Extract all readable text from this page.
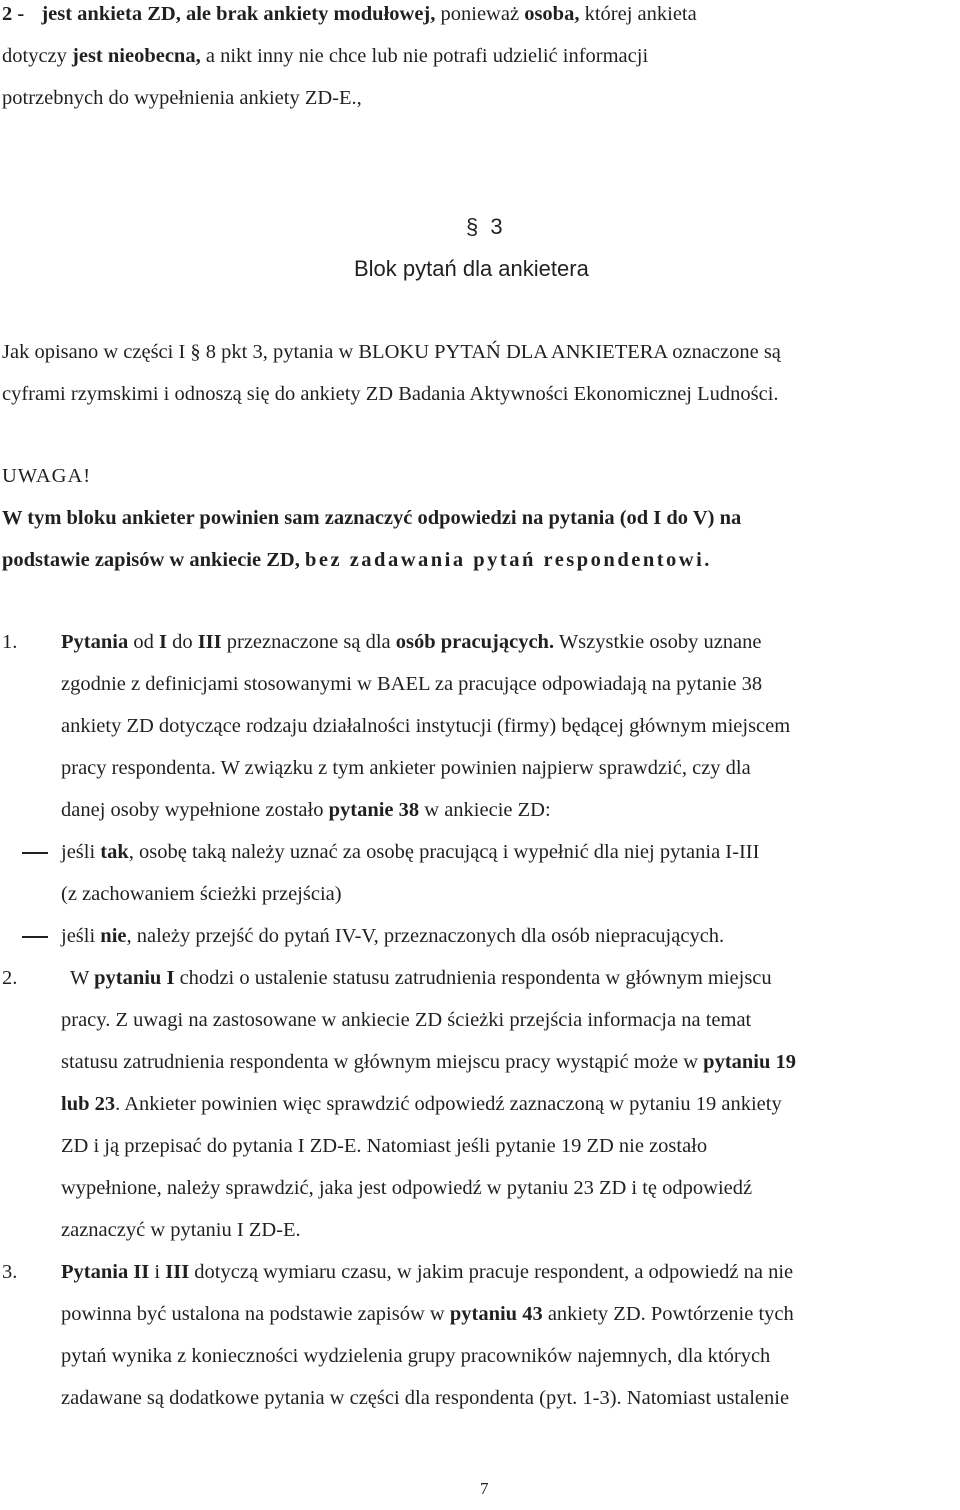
2 - jest ankieta ZD, ale brak ankiety modułowej, ponieważ osoba, której ankieta
dotyczy jest nieobecna, a nikt inny nie chce lub nie potrafi udzielić informacji
potrzebnych do wypełnienia ankiety ZD-E.,
§ 3
Blok pytań dla ankietera
Jak opisano w części I § 8 pkt 3, pytania w BLOKU PYTAŃ DLA ANKIETERA oznaczone są
cyframi rzymskimi i odnoszą się do ankiety ZD Badania Aktywności Ekonomicznej Ludności.
UWAGA!
W tym bloku ankieter powinien sam zaznaczyć odpowiedzi na pytania (od I do V) na
podstawie zapisów w ankiecie ZD, bez zadawania pytań respondentowi.
1. Pytania od I do III przeznaczone są dla osób pracujących. Wszystkie osoby uznane
zgodnie z definicjami stosowanymi w BAEL za pracujące odpowiadają na pytanie 38
ankiety ZD dotyczące rodzaju działalności instytucji (firmy) będącej głównym miejscem
pracy respondenta. W związku z tym ankieter powinien najpierw sprawdzić, czy dla
danej osoby wypełnione zostało pytanie 38 w ankiecie ZD:
jeśli tak, osobę taką należy uznać za osobę pracującą i wypełnić dla niej pytania I-III
(z zachowaniem ścieżki przejścia)
jeśli nie, należy przejść do pytań IV-V, przeznaczonych dla osób niepracujących.
2.	W pytaniu I chodzi o ustalenie statusu zatrudnienia respondenta w głównym miejscu
pracy. Z uwagi na zastosowane w ankiecie ZD ścieżki przejścia informacja na temat
statusu zatrudnienia respondenta w głównym miejscu pracy wystąpić może w pytaniu 19
lub 23. Ankieter powinien więc sprawdzić odpowiedź zaznaczoną w pytaniu 19 ankiety
ZD i ją przepisać do pytania I ZD-E. Natomiast jeśli pytanie 19 ZD nie zostało
wypełnione, należy sprawdzić, jaka jest odpowiedź w pytaniu 23 ZD i tę odpowiedź
zaznaczyć w pytaniu I ZD-E.
3. Pytania II i III dotyczą wymiaru czasu, w jakim pracuje respondent, a odpowiedź na nie
powinna być ustalona na podstawie zapisów w pytaniu 43 ankiety ZD. Powtórzenie tych
pytań wynika z konieczności wydzielenia grupy pracowników najemnych, dla których
zadawane są dodatkowe pytania w części dla respondenta (pyt. 1-3). Natomiast ustalenie
7
